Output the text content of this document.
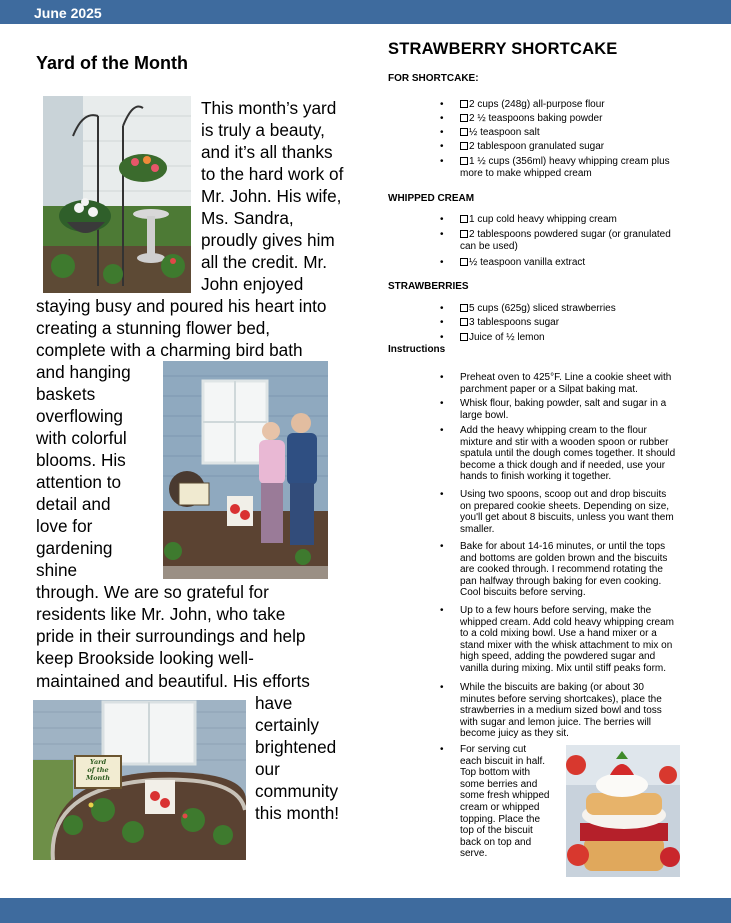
June 2025
Yard of the Month
Yard
of the
Month
This month’s yard
is truly a beauty,
and it’s all thanks
to the hard work of
Mr. John. His wife,
Ms. Sandra,
proudly gives him
all the credit. Mr.
John enjoyed
staying busy and poured his heart into
creating a stunning flower bed,
complete with a charming bird bath
and hanging
baskets
overflowing
with colorful
blooms. His
attention to
detail and
love for
gardening
shine
through. We are so grateful for
residents like Mr. John, who take
pride in their surroundings and help
keep Brookside looking well-
maintained and beautiful. His efforts
have
certainly
brightened
our
community
this month!
STRAWBERRY SHORTCAKE
FOR SHORTCAKE:
•	2 cups (248g) all-purpose flour
•	2 ½ teaspoons baking powder
•	½ teaspoon salt
•	2 tablespoon granulated sugar
•	1 ½ cups (356ml) heavy whipping cream plus
more to make whipped cream
WHIPPED CREAM
•	1 cup cold heavy whipping cream
•	2 tablespoons powdered sugar (or granulated
can be used)
•	½ teaspoon vanilla extract
STRAWBERRIES
•	5 cups (625g) sliced strawberries
•	3 tablespoons sugar
•	Juice of ½ lemon
Instructions
• Preheat oven to 425°F. Line a cookie sheet with
parchment paper or a Silpat baking mat.
• Whisk flour, baking powder, salt and sugar in a
large bowl.
• Add the heavy whipping cream to the flour
mixture and stir with a wooden spoon or rubber
spatula until the dough comes together. It should
become a thick dough and if needed, use your
hands to finish working it together.
• Using two spoons, scoop out and drop biscuits
on prepared cookie sheets. Depending on size,
you'll get about 8 biscuits, unless you want them
smaller.
• Bake for about 14-16 minutes, or until the tops
and bottoms are golden brown and the biscuits
are cooked through. I recommend rotating the
pan halfway through baking for even cooking.
Cool biscuits before serving.
• Up to a few hours before serving, make the
whipped cream. Add cold heavy whipping cream
to a cold mixing bowl. Use a hand mixer or a
stand mixer with the whisk attachment to mix on
high speed, adding the powdered sugar and
vanilla during mixing. Mix until stiff peaks form.
• While the biscuits are baking (or about 30
minutes before serving shortcakes), place the
strawberries in a medium sized bowl and toss
with sugar and lemon juice. The berries will
become juicy as they sit.
• For serving cut
each biscuit in half.
Top bottom with
some berries and
some fresh whipped
cream or whipped
topping. Place the
top of the biscuit
back on top and
serve.
